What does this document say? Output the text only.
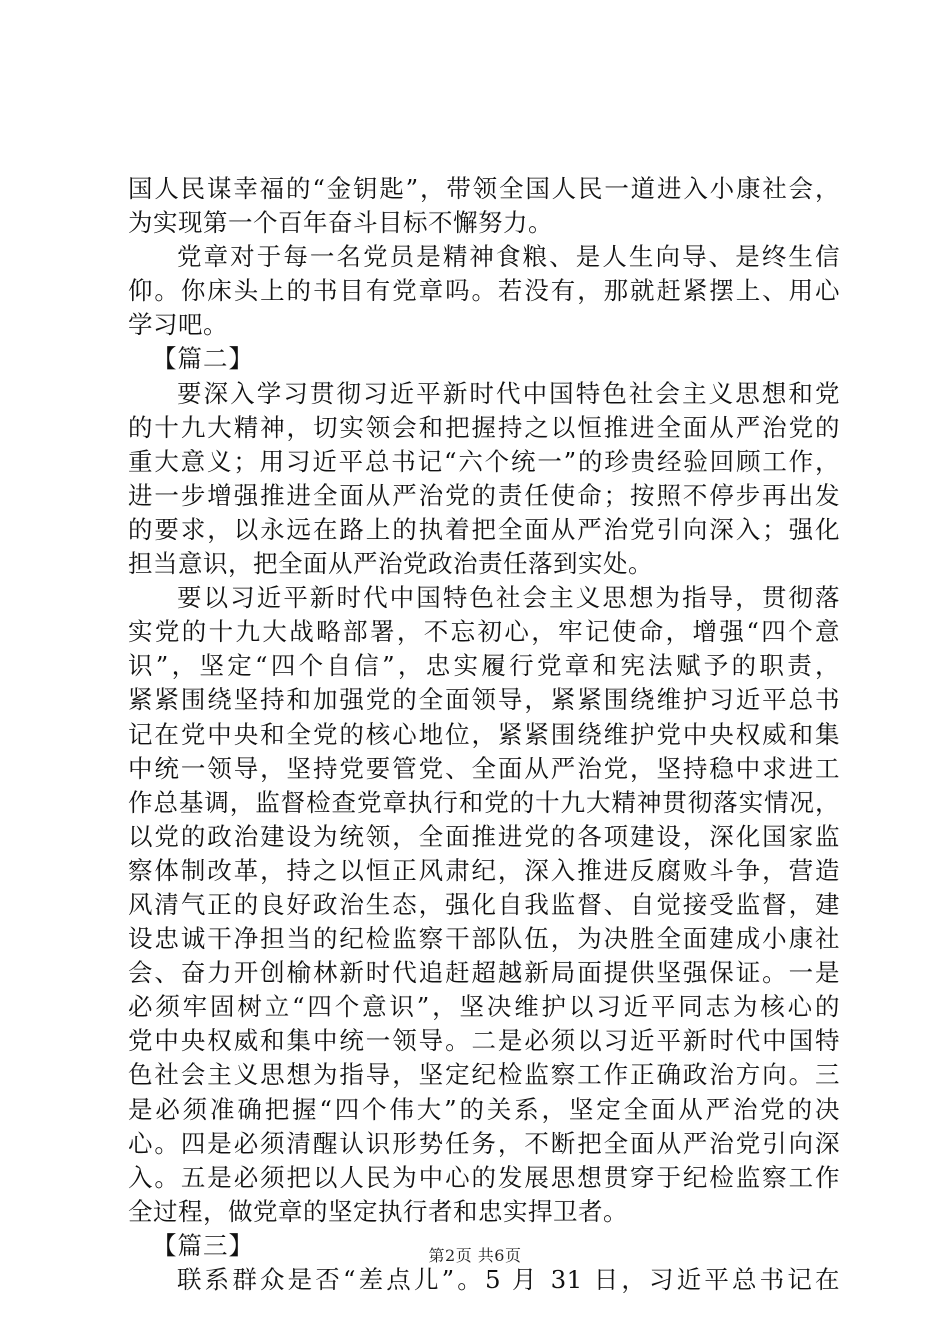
国人民谋幸福的“金钥匙”，带领全国人民一道进入小康社会，
为实现第一个百年奋斗目标不懈努力。
党章对于每一名党员是精神食粮、是人生向导、是终生信
仰。你床头上的书目有党章吗。若没有，那就赶紧摆上、用心
学习吧。
【篇二】
要深入学习贯彻习近平新时代中国特色社会主义思想和党
的十九大精神，切实领会和把握持之以恒推进全面从严治党的
重大意义；用习近平总书记“六个统一”的珍贵经验回顾工作，
进一步增强推进全面从严治党的责任使命；按照不停步再出发
的要求，以永远在路上的执着把全面从严治党引向深入；强化
担当意识，把全面从严治党政治责任落到实处。
要以习近平新时代中国特色社会主义思想为指导，贯彻落
实党的十九大战略部署，不忘初心，牢记使命，增强“四个意
识”，坚定“四个自信”，忠实履行党章和宪法赋予的职责，
紧紧围绕坚持和加强党的全面领导，紧紧围绕维护习近平总书
记在党中央和全党的核心地位，紧紧围绕维护党中央权威和集
中统一领导，坚持党要管党、全面从严治党，坚持稳中求进工
作总基调，监督检查党章执行和党的十九大精神贯彻落实情况，
以党的政治建设为统领，全面推进党的各项建设，深化国家监
察体制改革，持之以恒正风肃纪，深入推进反腐败斗争，营造
风清气正的良好政治生态，强化自我监督、自觉接受监督，建
设忠诚干净担当的纪检监察干部队伍，为决胜全面建成小康社
会、奋力开创榆林新时代追赶超越新局面提供坚强保证。一是
必须牢固树立“四个意识”，坚决维护以习近平同志为核心的
党中央权威和集中统一领导。二是必须以习近平新时代中国特
色社会主义思想为指导，坚定纪检监察工作正确政治方向。三
是必须准确把握“四个伟大”的关系，坚定全面从严治党的决
心。四是必须清醒认识形势任务，不断把全面从严治党引向深
入。五是必须把以人民为中心的发展思想贯穿于纪检监察工作
全过程，做党章的坚定执行者和忠实捍卫者。
【篇三】
联系群众是否“差点儿”。5 月 31 日，习近平总书记在
第2页 共6页
